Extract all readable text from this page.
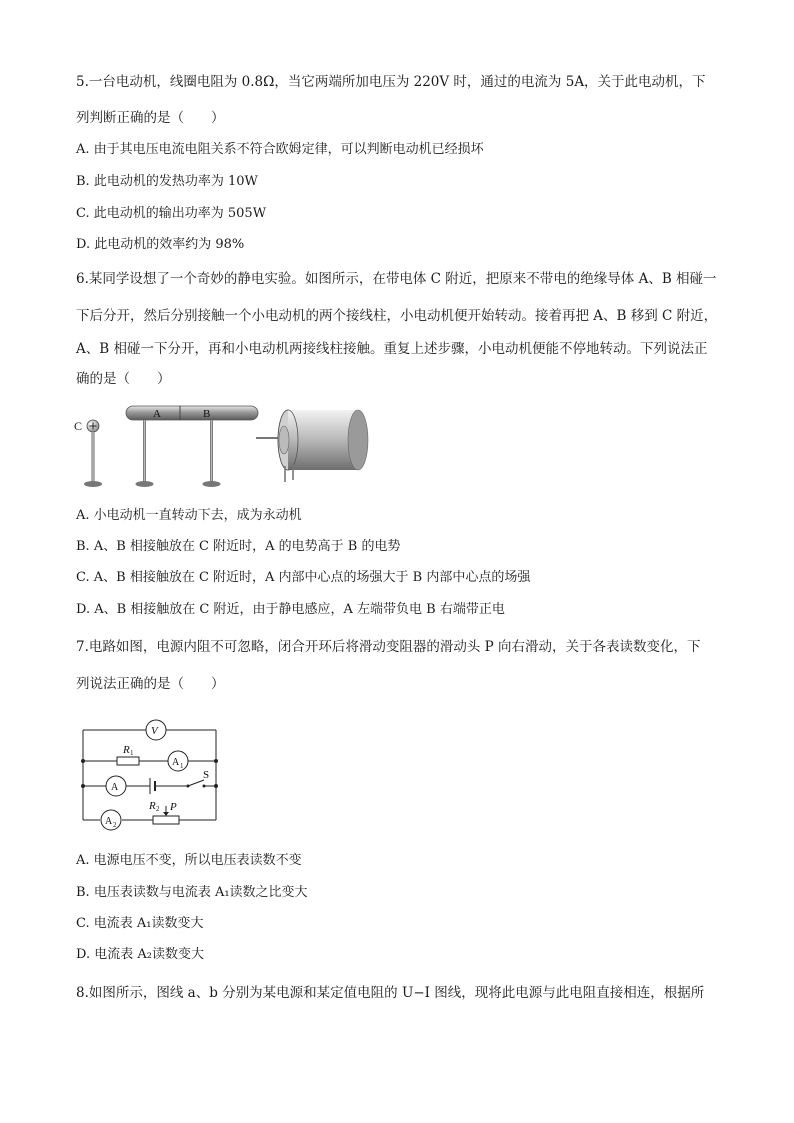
5.一台电动机，线圈电阻为 0.8Ω，当它两端所加电压为 220V 时，通过的电流为 5A，关于此电动机，下
列判断正确的是（　　）
A. 由于其电压电流电阻关系不符合欧姆定律，可以判断电动机已经损坏
B. 此电动机的发热功率为 10W
C. 此电动机的输出功率为 505W
D. 此电动机的效率约为 98%
6.某同学设想了一个奇妙的静电实验。如图所示，在带电体 C 附近，把原来不带电的绝缘导体 A、B 相碰一
下后分开，然后分别接触一个小电动机的两个接线柱，小电动机便开始转动。接着再把 A、B 移到 C 附近，
A、B 相碰一下分开，再和小电动机两接线柱接触。重复上述步骤，小电动机便能不停地转动。下列说法正
确的是（　　）
C
A	B
A. 小电动机一直转动下去，成为永动机
B. A、B 相接触放在 C 附近时，A 的电势高于 B 的电势
C. A、B 相接触放在 C 附近时，A 内部中心点的场强大于 B 内部中心点的场强
D. A、B 相接触放在 C 附近，由于静电感应，A 左端带负电 B 右端带正电
7.电路如图，电源内阻不可忽略，闭合开环后将滑动变阻器的滑动头 P 向右滑动，关于各表读数变化，下
列说法正确的是（　　）
V
A 1
A
A 2
R 1
S
R 2 P
A. 电源电压不变，所以电压表读数不变
B. 电压表读数与电流表 A₁读数之比变大
C. 电流表 A₁读数变大
D. 电流表 A₂读数变大
8.如图所示，图线 a、b 分别为某电源和某定值电阻的 U−I 图线，现将此电源与此电阻直接相连，根据所
